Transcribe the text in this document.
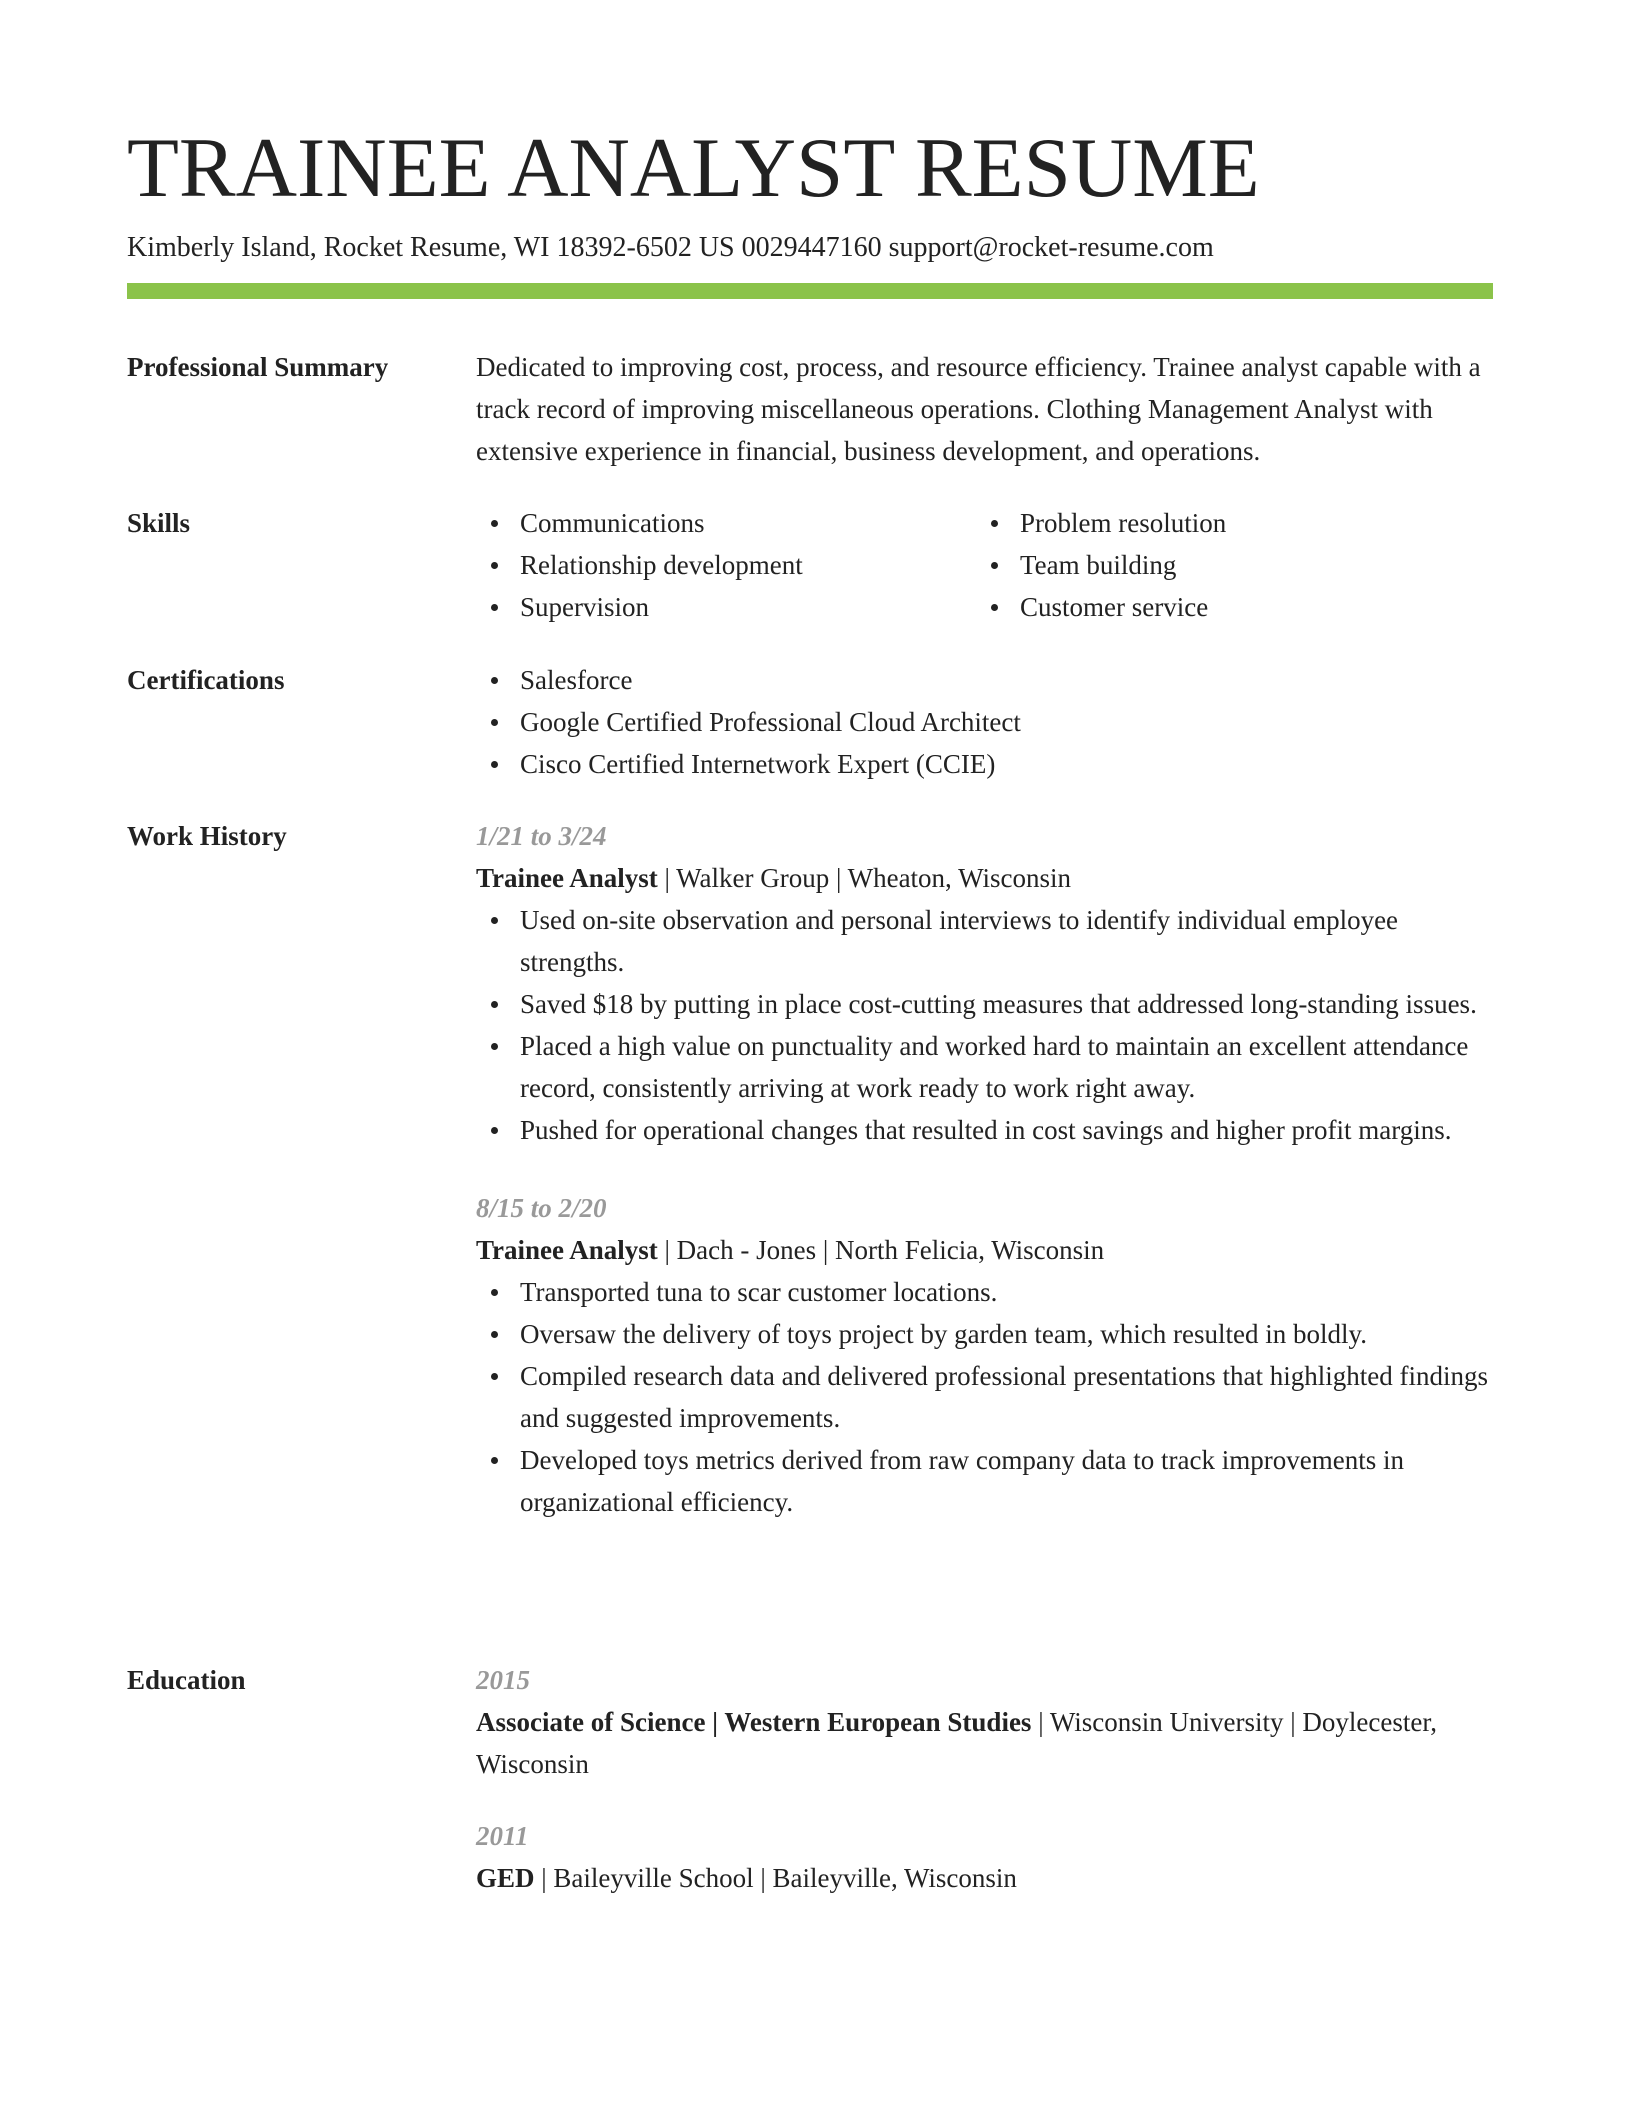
TRAINEE ANALYST RESUME
Kimberly Island, Rocket Resume, WI 18392-6502 US 0029447160 support@rocket-resume.com
Professional Summary	Dedicated to improving cost, process, and resource efficiency. Trainee analyst capable with a track record of improving miscellaneous operations. Clothing Management Analyst with extensive experience in financial, business development, and operations.

Skills	Communications
Relationship development
Supervision
Problem resolution
Team building
Customer service
Certifications	Salesforce
Google Certified Professional Cloud Architect
Cisco Certified Internetwork Expert (CCIE)
Work History	1/21 to 3/24
Trainee Analyst | Walker Group | Wheaton, Wisconsin
Used on-site observation and personal interviews to identify individual employee strengths.
Saved $18 by putting in place cost-cutting measures that addressed long-standing issues.
Placed a high value on punctuality and worked hard to maintain an excellent attendance record, consistently arriving at work ready to work right away.
Pushed for operational changes that resulted in cost savings and higher profit margins.
8/15 to 2/20
Trainee Analyst | Dach - Jones | North Felicia, Wisconsin
Transported tuna to scar customer locations.
Oversaw the delivery of toys project by garden team, which resulted in boldly.
Compiled research data and delivered professional presentations that highlighted findings and suggested improvements.
Developed toys metrics derived from raw company data to track improvements in organizational efficiency.
Education	2015
Associate of Science | Western European Studies | Wisconsin University | Doylecester, Wisconsin
2011
GED | Baileyville School | Baileyville, Wisconsin
